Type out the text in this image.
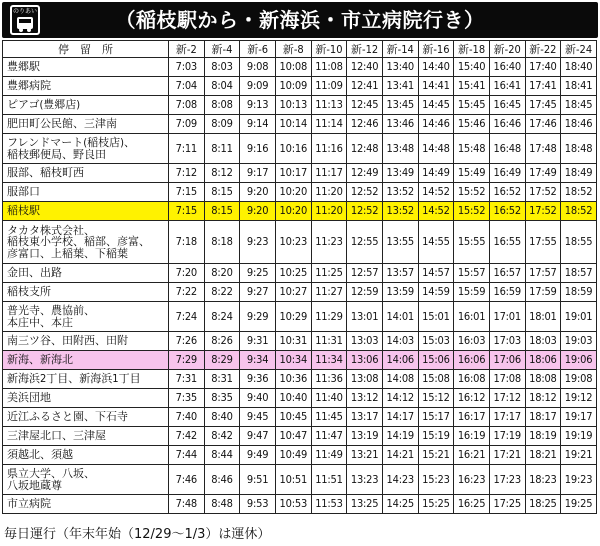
のりあい	（稲枝駅から・新海浜・市立病院行き）
停　留　所	新-2	新-4	新-6	新-8	新-10	新-12	新-14	新-16	新-18	新-20	新-22	新-24
豊郷駅	7:03	8:03	9:08	10:08	11:08	12:40	13:40	14:40	15:40	16:40	17:40	18:40
豊郷病院	7:04	8:04	9:09	10:09	11:09	12:41	13:41	14:41	15:41	16:41	17:41	18:41
ピアゴ(豊郷店)	7:08	8:08	9:13	10:13	11:13	12:45	13:45	14:45	15:45	16:45	17:45	18:45
肥田町公民館、三津南	7:09	8:09	9:14	10:14	11:14	12:46	13:46	14:46	15:46	16:46	17:46	18:46
フレンドマート(稲枝店)、
稲枝郵便局、野良田	7:11	8:11	9:16	10:16	11:16	12:48	13:48	14:48	15:48	16:48	17:48	18:48
服部、稲枝町西	7:12	8:12	9:17	10:17	11:17	12:49	13:49	14:49	15:49	16:49	17:49	18:49
服部口	7:15	8:15	9:20	10:20	11:20	12:52	13:52	14:52	15:52	16:52	17:52	18:52
稲枝駅	7:15	8:15	9:20	10:20	11:20	12:52	13:52	14:52	15:52	16:52	17:52	18:52
タカタ株式会社、
稲枝東小学校、稲部、彦富、
彦富口、上稲葉、下稲葉	7:18	8:18	9:23	10:23	11:23	12:55	13:55	14:55	15:55	16:55	17:55	18:55
金田、出路	7:20	8:20	9:25	10:25	11:25	12:57	13:57	14:57	15:57	16:57	17:57	18:57
稲枝支所	7:22	8:22	9:27	10:27	11:27	12:59	13:59	14:59	15:59	16:59	17:59	18:59
普光寺、農協前、
本庄中、本庄	7:24	8:24	9:29	10:29	11:29	13:01	14:01	15:01	16:01	17:01	18:01	19:01
南三ツ谷、田附西、田附	7:26	8:26	9:31	10:31	11:31	13:03	14:03	15:03	16:03	17:03	18:03	19:03
新海、新海北	7:29	8:29	9:34	10:34	11:34	13:06	14:06	15:06	16:06	17:06	18:06	19:06
新海浜2丁目、新海浜1丁目	7:31	8:31	9:36	10:36	11:36	13:08	14:08	15:08	16:08	17:08	18:08	19:08
美浜団地	7:35	8:35	9:40	10:40	11:40	13:12	14:12	15:12	16:12	17:12	18:12	19:12
近江ふるさと園、下石寺	7:40	8:40	9:45	10:45	11:45	13:17	14:17	15:17	16:17	17:17	18:17	19:17
三津屋北口、三津屋	7:42	8:42	9:47	10:47	11:47	13:19	14:19	15:19	16:19	17:19	18:19	19:19
須越北、須越	7:44	8:44	9:49	10:49	11:49	13:21	14:21	15:21	16:21	17:21	18:21	19:21
県立大学、八坂、
八坂地蔵尊	7:46	8:46	9:51	10:51	11:51	13:23	14:23	15:23	16:23	17:23	18:23	19:23
市立病院	7:48	8:48	9:53	10:53	11:53	13:25	14:25	15:25	16:25	17:25	18:25	19:25
毎日運行（年末年始（12/29～1/3）は運休）
